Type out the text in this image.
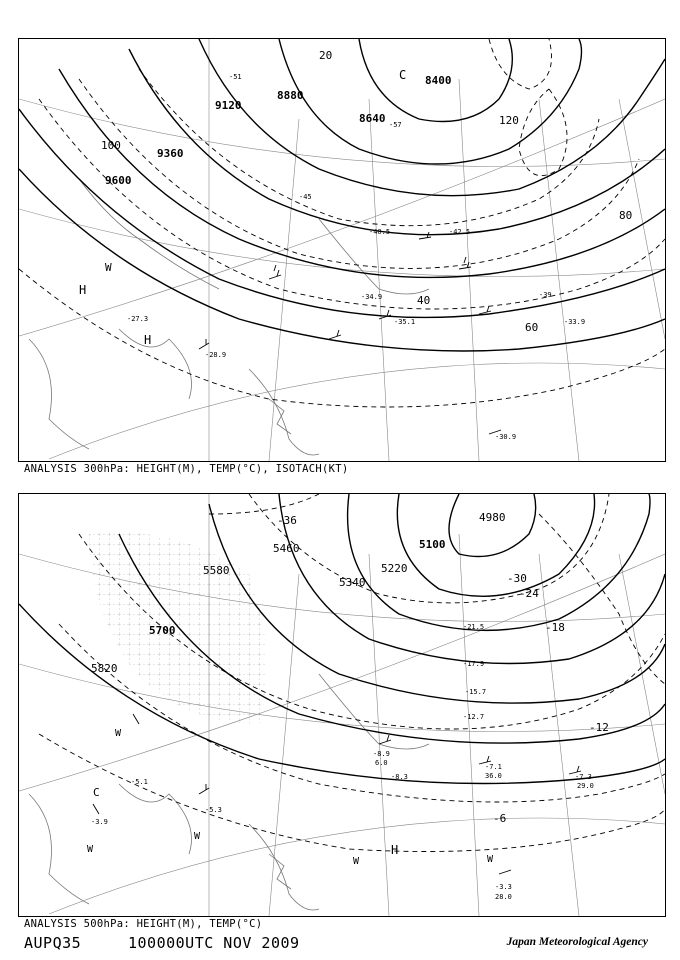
8400
8640
8880
9120
9360
9600
20
40
60
80
100
120
H
C
W
H
-35.1
-34.9
-33.9
-28.9
-27.3
-30.9
-39
-45
-51
-57
-40.5	-42.5
ANALYSIS 300hPa: HEIGHT(M), TEMP(°C), ISOTACH(KT)
4980
5100
5220
5340
5460
5580
5700
5820
-36
-30
-24
-18
-12
-6
W
C
W
W
H
W	W
-7.1
-7.3
-8.3
-8.9
-12.7
-15.7
-17.9
-21.5
-3.3
-5.3
-5.1
-3.9
28.0
29.0
36.0
6.0
ANALYSIS 500hPa: HEIGHT(M), TEMP(°C)
AUPQ35	100000UTC NOV 2009	Japan Meteorological Agency
